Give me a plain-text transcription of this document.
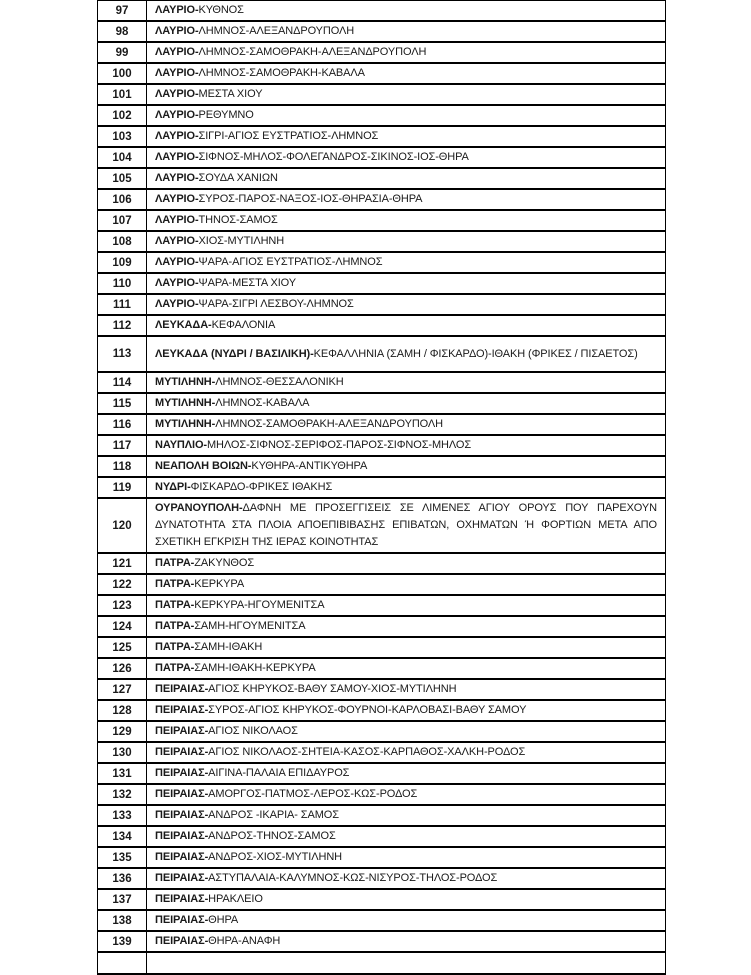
97	ΛΑΥΡΙΟ-ΚΥΘΝΟΣ
98	ΛΑΥΡΙΟ-ΛΗΜΝΟΣ-ΑΛΕΞΑΝΔΡΟΥΠΟΛΗ
99	ΛΑΥΡΙΟ-ΛΗΜΝΟΣ-ΣΑΜΟΘΡΑΚΗ-ΑΛΕΞΑΝΔΡΟΥΠΟΛΗ
100	ΛΑΥΡΙΟ-ΛΗΜΝΟΣ-ΣΑΜΟΘΡΑΚΗ-ΚΑΒΑΛΑ
101	ΛΑΥΡΙΟ-ΜΕΣΤΑ ΧΙΟΥ
102	ΛΑΥΡΙΟ-ΡΕΘΥΜΝΟ
103	ΛΑΥΡΙΟ-ΣΙΓΡΙ-ΑΓΙΟΣ ΕΥΣΤΡΑΤΙΟΣ-ΛΗΜΝΟΣ
104	ΛΑΥΡΙΟ-ΣΙΦΝΟΣ-ΜΗΛΟΣ-ΦΟΛΕΓΑΝΔΡΟΣ-ΣΙΚΙΝΟΣ-ΙΟΣ-ΘΗΡΑ
105	ΛΑΥΡΙΟ-ΣΟΥΔΑ ΧΑΝΙΩΝ
106	ΛΑΥΡΙΟ-ΣΥΡΟΣ-ΠΑΡΟΣ-ΝΑΞΟΣ-ΙΟΣ-ΘΗΡΑΣΙΑ-ΘΗΡΑ
107	ΛΑΥΡΙΟ-ΤΗΝΟΣ-ΣΑΜΟΣ
108	ΛΑΥΡΙΟ-ΧΙΟΣ-ΜΥΤΙΛΗΝΗ
109	ΛΑΥΡΙΟ-ΨΑΡΑ-ΑΓΙΟΣ ΕΥΣΤΡΑΤΙΟΣ-ΛΗΜΝΟΣ
110	ΛΑΥΡΙΟ-ΨΑΡΑ-ΜΕΣΤΑ ΧΙΟΥ
111	ΛΑΥΡΙΟ-ΨΑΡΑ-ΣΙΓΡΙ ΛΕΣΒΟΥ-ΛΗΜΝΟΣ
112	ΛΕΥΚΑΔΑ-ΚΕΦΑΛΟΝΙΑ
113	ΛΕΥΚΑΔΑ (ΝΥΔΡΙ / ΒΑΣΙΛΙΚΗ)-ΚΕΦΑΛΛΗΝΙΑ (ΣΑΜΗ / ΦΙΣΚΑΡΔΟ)-ΙΘΑΚΗ (ΦΡΙΚΕΣ / ΠΙΣΑΕΤΟΣ)
114	ΜΥΤΙΛΗΝΗ-ΛΗΜΝΟΣ-ΘΕΣΣΑΛΟΝΙΚΗ
115	ΜΥΤΙΛΗΝΗ-ΛΗΜΝΟΣ-ΚΑΒΑΛΑ
116	ΜΥΤΙΛΗΝΗ-ΛΗΜΝΟΣ-ΣΑΜΟΘΡΑΚΗ-ΑΛΕΞΑΝΔΡΟΥΠΟΛΗ
117	ΝΑΥΠΛΙΟ-ΜΗΛΟΣ-ΣΙΦΝΟΣ-ΣΕΡΙΦΟΣ-ΠΑΡΟΣ-ΣΙΦΝΟΣ-ΜΗΛΟΣ
118	ΝΕΑΠΟΛΗ ΒΟΙΩΝ-ΚΥΘΗΡΑ-ΑΝΤΙΚΥΘΗΡΑ
119	ΝΥΔΡΙ-ΦΙΣΚΑΡΔΟ-ΦΡΙΚΕΣ ΙΘΑΚΗΣ
120	ΟΥΡΑΝΟΥΠΟΛΗ-ΔΑΦΝΗ ΜΕ ΠΡΟΣΕΓΓΙΣΕΙΣ ΣΕ ΛΙΜΕΝΕΣ ΑΓΙΟΥ ΟΡΟΥΣ ΠΟΥ ΠΑΡΕΧΟΥΝ ΔΥΝΑΤΟΤΗΤΑ ΣΤΑ ΠΛΟΙΑ ΑΠΟΕΠΙΒΙΒΑΣΗΣ ΕΠΙΒΑΤΩΝ, ΟΧΗΜΑΤΩΝ Ή ΦΟΡΤΙΩΝ ΜΕΤΑ ΑΠΟ ΣΧΕΤΙΚΗ ΕΓΚΡΙΣΗ ΤΗΣ ΙΕΡΑΣ ΚΟΙΝΟΤΗΤΑΣ
121	ΠΑΤΡΑ-ΖΑΚΥΝΘΟΣ
122	ΠΑΤΡΑ-ΚΕΡΚΥΡΑ
123	ΠΑΤΡΑ-ΚΕΡΚΥΡΑ-ΗΓΟΥΜΕΝΙΤΣΑ
124	ΠΑΤΡΑ-ΣΑΜΗ-ΗΓΟΥΜΕΝΙΤΣΑ
125	ΠΑΤΡΑ-ΣΑΜΗ-ΙΘΑΚΗ
126	ΠΑΤΡΑ-ΣΑΜΗ-ΙΘΑΚΗ-ΚΕΡΚΥΡΑ
127	ΠΕΙΡΑΙΑΣ-ΑΓΙΟΣ ΚΗΡΥΚΟΣ-ΒΑΘΥ ΣΑΜΟΥ-ΧΙΟΣ-ΜΥΤΙΛΗΝΗ
128	ΠΕΙΡΑΙΑΣ-ΣΥΡΟΣ-ΑΓΙΟΣ ΚΗΡΥΚΟΣ-ΦΟΥΡΝΟΙ-ΚΑΡΛΟΒΑΣΙ-ΒΑΘΥ ΣΑΜΟΥ
129	ΠΕΙΡΑΙΑΣ-ΑΓΙΟΣ ΝΙΚΟΛΑΟΣ
130	ΠΕΙΡΑΙΑΣ-ΑΓΙΟΣ ΝΙΚΟΛΑΟΣ-ΣΗΤΕΙΑ-ΚΑΣΟΣ-ΚΑΡΠΑΘΟΣ-ΧΑΛΚΗ-ΡΟΔΟΣ
131	ΠΕΙΡΑΙΑΣ-ΑΙΓΙΝΑ-ΠΑΛΑΙΑ ΕΠΙΔΑΥΡΟΣ
132	ΠΕΙΡΑΙΑΣ-ΑΜΟΡΓΟΣ-ΠΑΤΜΟΣ-ΛΕΡΟΣ-ΚΩΣ-ΡΟΔΟΣ
133	ΠΕΙΡΑΙΑΣ-ΑΝΔΡΟΣ -ΙΚΑΡΙΑ- ΣΑΜΟΣ
134	ΠΕΙΡΑΙΑΣ-ΑΝΔΡΟΣ-ΤΗΝΟΣ-ΣΑΜΟΣ
135	ΠΕΙΡΑΙΑΣ-ΑΝΔΡΟΣ-ΧΙΟΣ-ΜΥΤΙΛΗΝΗ
136	ΠΕΙΡΑΙΑΣ-ΑΣΤΥΠΑΛΑΙΑ-ΚΑΛΥΜΝΟΣ-ΚΩΣ-ΝΙΣΥΡΟΣ-ΤΗΛΟΣ-ΡΟΔΟΣ
137	ΠΕΙΡΑΙΑΣ-ΗΡΑΚΛΕΙΟ
138	ΠΕΙΡΑΙΑΣ-ΘΗΡΑ
139	ΠΕΙΡΑΙΑΣ-ΘΗΡΑ-ΑΝΑΦΗ
